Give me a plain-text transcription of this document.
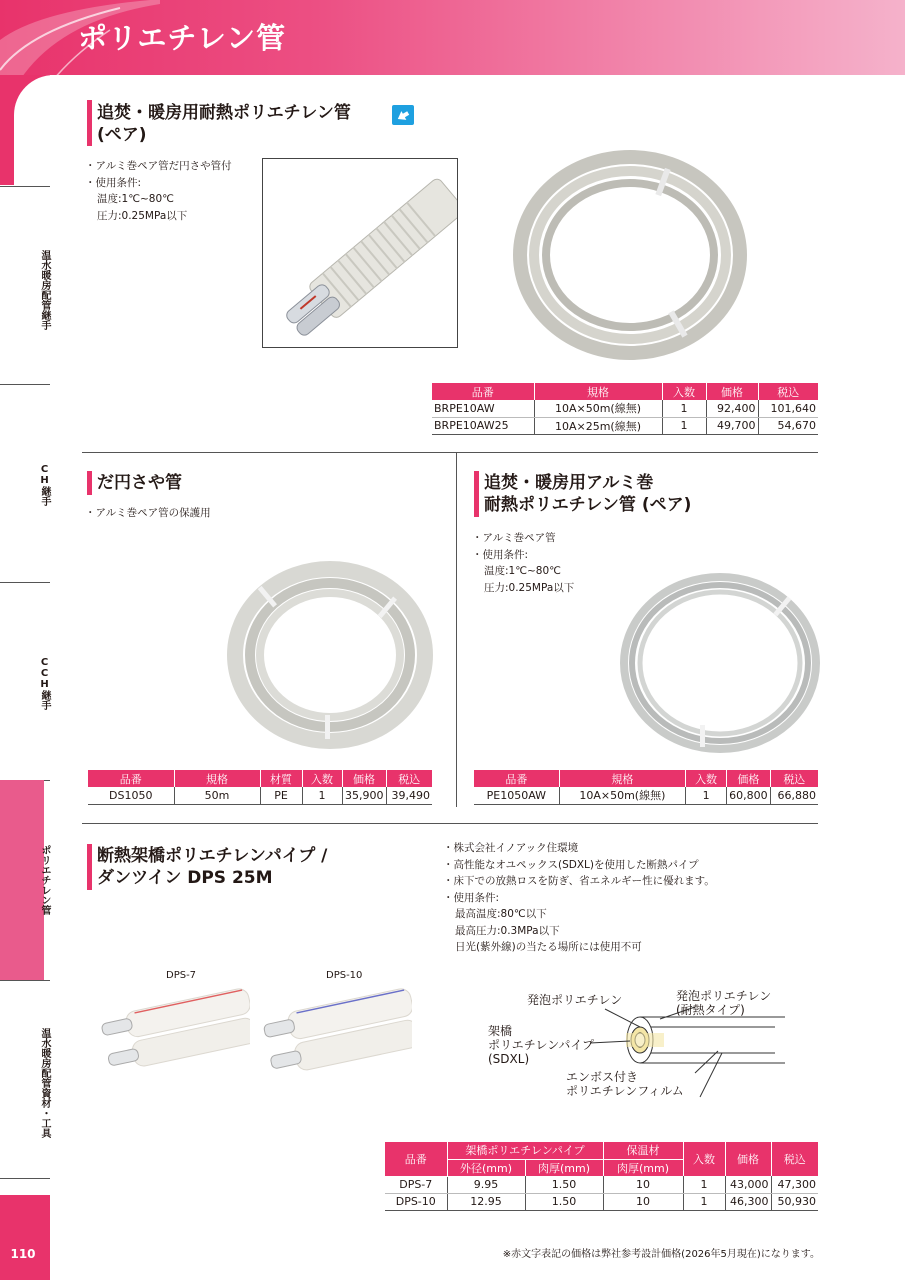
ポリエチレン管
温水暖房配管継手
CH継手
CCH継手
ポリエチレン管
温水暖房配管資材・工具
110
追焚・暖房用耐熱ポリエチレン管
(ペア)
・ アルミ巻ペア管だ円さや管付
・ 使用条件:
温度:1℃~80℃
圧力:0.25MPa以下
品番	規格	入数	価格	税込
BRPE10AW	10A×50m(線無)	1	92,400	101,640
BRPE10AW25	10A×25m(線無)	1	49,700	54,670
だ円さや管
・ アルミ巻ペア管の保護用
品番	規格	材質	入数	価格	税込
DS1050	50m	PE	1	35,900	39,490
追焚・暖房用アルミ巻
耐熱ポリエチレン管 (ペア)
・ アルミ巻ペア管
・ 使用条件:
温度:1℃~80℃
圧力:0.25MPa以下
品番	規格	入数	価格	税込
PE1050AW	10A×50m(線無)	1	60,800	66,880
断熱架橋ポリエチレンパイプ /
ダンツイン DPS 25M
・ 株式会社イノアック住環境
・ 高性能なオユペックス(SDXL)を使用した断熱パイプ
・ 床下での放熱ロスを防ぎ、省エネルギー性に優れます。
・ 使用条件:
最高温度:80℃以下
最高圧力:0.3MPa以下
日光(紫外線)の当たる場所には使用不可
DPS-7	DPS-10
発泡ポリエチレン	発泡ポリエチレン
(耐熱タイプ)
架橋
ポリエチレンパイプ
(SDXL)
エンボス付き
ポリエチレンフィルム
品番	架橋ポリエチレンパイプ		保温材	入数	価格	税込
	外径(mm)	肉厚(mm)	肉厚(mm)			
DPS-7	9.95	1.50	10	1	43,000	47,300
DPS-10	12.95	1.50	10	1	46,300	50,930
※赤文字表記の価格は弊社参考設計価格(2026年5月現在)になります。
